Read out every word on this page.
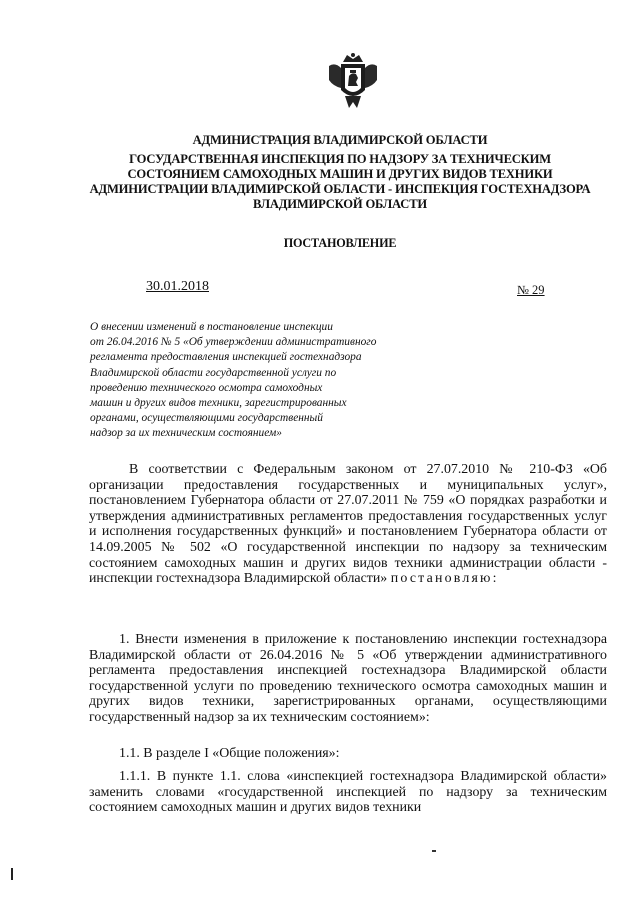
АДМИНИСТРАЦИЯ ВЛАДИМИРСКОЙ ОБЛАСТИ
ГОСУДАРСТВЕННАЯ ИНСПЕКЦИЯ ПО НАДЗОРУ ЗА ТЕХНИЧЕСКИМ
СОСТОЯНИЕМ САМОХОДНЫХ МАШИН И ДРУГИХ ВИДОВ ТЕХНИКИ
АДМИНИСТРАЦИИ ВЛАДИМИРСКОЙ ОБЛАСТИ - ИНСПЕКЦИЯ ГОСТЕХНАДЗОРА
ВЛАДИМИРСКОЙ ОБЛАСТИ
ПОСТАНОВЛЕНИЕ
30.01.2018	№ 29
О внесении изменений в постановление инспекции
от 26.04.2016 № 5 «Об утверждении административного
регламента предоставления инспекцией гостехнадзора
Владимирской области государственной услуги по
проведению технического осмотра самоходных
машин и других видов техники, зарегистрированных
органами, осуществляющими государственный
надзор за их техническим состоянием»
В соответствии с Федеральным законом от 27.07.2010 № 210-ФЗ «Об организации предоставления государственных и муниципальных услуг», постановлением Губернатора области от 27.07.2011 № 759 «О порядках разработки и утверждения административных регламентов предоставления государственных услуг и исполнения государственных функций» и постановлением Губернатора области от 14.09.2005 № 502 «О государственной инспекции по надзору за техническим состоянием самоходных машин и других видов техники администрации области - инспекции гостехнадзора Владимирской области» постановляю:
1. Внести изменения в приложение к постановлению инспекции гостехнадзора Владимирской области от 26.04.2016 № 5 «Об утверждении административного регламента предоставления инспекцией гостехнадзора Владимирской области государственной услуги по проведению технического осмотра самоходных машин и других видов техники, зарегистрированных органами, осуществляющими государственный надзор за их техническим состоянием»:
1.1. В разделе I «Общие положения»:
1.1.1. В пункте 1.1. слова «инспекцией гостехнадзора Владимирской области» заменить словами «государственной инспекцией по надзору за техническим состоянием самоходных машин и других видов техники
